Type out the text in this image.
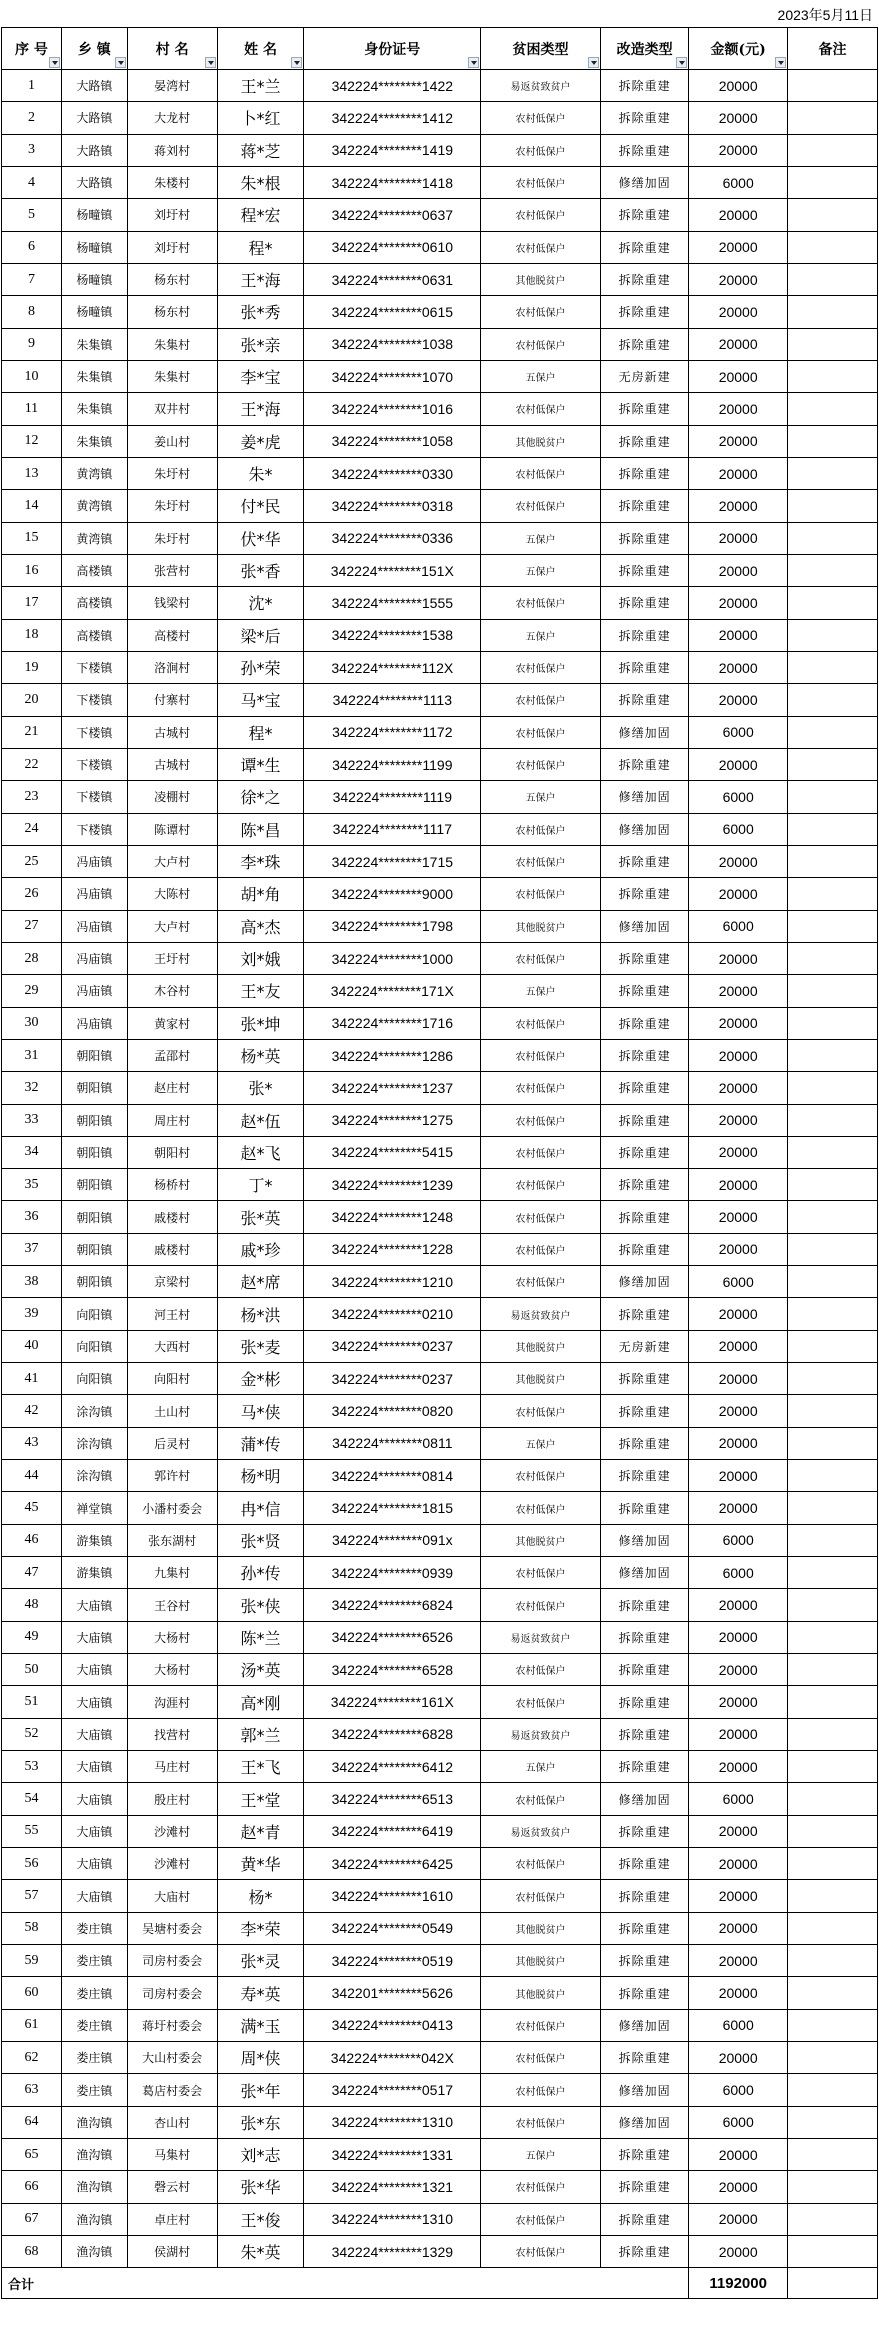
2023年5月11日
序 号	乡 镇	村 名	姓 名	身份证号	贫困类型	改造类型	金额(元)	备注
1	大路镇	晏湾村	王*兰	342224********1422	易返贫致贫户	拆除重建	20000	
2	大路镇	大龙村	卜*红	342224********1412	农村低保户	拆除重建	20000	
3	大路镇	蒋刘村	蒋*芝	342224********1419	农村低保户	拆除重建	20000	
4	大路镇	朱楼村	朱*根	342224********1418	农村低保户	修缮加固	6000	
5	杨疃镇	刘圩村	程*宏	342224********0637	农村低保户	拆除重建	20000	
6	杨疃镇	刘圩村	程*	342224********0610	农村低保户	拆除重建	20000	
7	杨疃镇	杨东村	王*海	342224********0631	其他脱贫户	拆除重建	20000	
8	杨疃镇	杨东村	张*秀	342224********0615	农村低保户	拆除重建	20000	
9	朱集镇	朱集村	张*亲	342224********1038	农村低保户	拆除重建	20000	
10	朱集镇	朱集村	李*宝	342224********1070	五保户	无房新建	20000	
11	朱集镇	双井村	王*海	342224********1016	农村低保户	拆除重建	20000	
12	朱集镇	姜山村	姜*虎	342224********1058	其他脱贫户	拆除重建	20000	
13	黄湾镇	朱圩村	朱*	342224********0330	农村低保户	拆除重建	20000	
14	黄湾镇	朱圩村	付*民	342224********0318	农村低保户	拆除重建	20000	
15	黄湾镇	朱圩村	伏*华	342224********0336	五保户	拆除重建	20000	
16	高楼镇	张营村	张*香	342224********151X	五保户	拆除重建	20000	
17	高楼镇	钱梁村	沈*	342224********1555	农村低保户	拆除重建	20000	
18	高楼镇	高楼村	梁*后	342224********1538	五保户	拆除重建	20000	
19	下楼镇	洛涧村	孙*荣	342224********112X	农村低保户	拆除重建	20000	
20	下楼镇	付寨村	马*宝	342224********1113	农村低保户	拆除重建	20000	
21	下楼镇	古城村	程*	342224********1172	农村低保户	修缮加固	6000	
22	下楼镇	古城村	谭*生	342224********1199	农村低保户	拆除重建	20000	
23	下楼镇	凌棚村	徐*之	342224********1119	五保户	修缮加固	6000	
24	下楼镇	陈谭村	陈*昌	342224********1117	农村低保户	修缮加固	6000	
25	冯庙镇	大卢村	李*珠	342224********1715	农村低保户	拆除重建	20000	
26	冯庙镇	大陈村	胡*角	342224********9000	农村低保户	拆除重建	20000	
27	冯庙镇	大卢村	高*杰	342224********1798	其他脱贫户	修缮加固	6000	
28	冯庙镇	王圩村	刘*娥	342224********1000	农村低保户	拆除重建	20000	
29	冯庙镇	木谷村	王*友	342224********171X	五保户	拆除重建	20000	
30	冯庙镇	黄家村	张*坤	342224********1716	农村低保户	拆除重建	20000	
31	朝阳镇	孟邵村	杨*英	342224********1286	农村低保户	拆除重建	20000	
32	朝阳镇	赵庄村	张*	342224********1237	农村低保户	拆除重建	20000	
33	朝阳镇	周庄村	赵*伍	342224********1275	农村低保户	拆除重建	20000	
34	朝阳镇	朝阳村	赵*飞	342224********5415	农村低保户	拆除重建	20000	
35	朝阳镇	杨桥村	丁*	342224********1239	农村低保户	拆除重建	20000	
36	朝阳镇	戚楼村	张*英	342224********1248	农村低保户	拆除重建	20000	
37	朝阳镇	戚楼村	戚*珍	342224********1228	农村低保户	拆除重建	20000	
38	朝阳镇	京梁村	赵*席	342224********1210	农村低保户	修缮加固	6000	
39	向阳镇	河王村	杨*洪	342224********0210	易返贫致贫户	拆除重建	20000	
40	向阳镇	大西村	张*麦	342224********0237	其他脱贫户	无房新建	20000	
41	向阳镇	向阳村	金*彬	342224********0237	其他脱贫户	拆除重建	20000	
42	涂沟镇	土山村	马*侠	342224********0820	农村低保户	拆除重建	20000	
43	涂沟镇	后灵村	蒲*传	342224********0811	五保户	拆除重建	20000	
44	涂沟镇	郭许村	杨*明	342224********0814	农村低保户	拆除重建	20000	
45	禅堂镇	小潘村委会	冉*信	342224********1815	农村低保户	拆除重建	20000	
46	游集镇	张东湖村	张*贤	342224********091x	其他脱贫户	修缮加固	6000	
47	游集镇	九集村	孙*传	342224********0939	农村低保户	修缮加固	6000	
48	大庙镇	王谷村	张*侠	342224********6824	农村低保户	拆除重建	20000	
49	大庙镇	大杨村	陈*兰	342224********6526	易返贫致贫户	拆除重建	20000	
50	大庙镇	大杨村	汤*英	342224********6528	农村低保户	拆除重建	20000	
51	大庙镇	沟涯村	高*刚	342224********161X	农村低保户	拆除重建	20000	
52	大庙镇	找营村	郭*兰	342224********6828	易返贫致贫户	拆除重建	20000	
53	大庙镇	马庄村	王*飞	342224********6412	五保户	拆除重建	20000	
54	大庙镇	殷庄村	王*堂	342224********6513	农村低保户	修缮加固	6000	
55	大庙镇	沙滩村	赵*青	342224********6419	易返贫致贫户	拆除重建	20000	
56	大庙镇	沙滩村	黄*华	342224********6425	农村低保户	拆除重建	20000	
57	大庙镇	大庙村	杨*	342224********1610	农村低保户	拆除重建	20000	
58	娄庄镇	吴塘村委会	李*荣	342224********0549	其他脱贫户	拆除重建	20000	
59	娄庄镇	司房村委会	张*灵	342224********0519	其他脱贫户	拆除重建	20000	
60	娄庄镇	司房村委会	寿*英	342201********5626	其他脱贫户	拆除重建	20000	
61	娄庄镇	蒋圩村委会	满*玉	342224********0413	农村低保户	修缮加固	6000	
62	娄庄镇	大山村委会	周*侠	342224********042X	农村低保户	拆除重建	20000	
63	娄庄镇	葛店村委会	张*年	342224********0517	农村低保户	修缮加固	6000	
64	渔沟镇	杏山村	张*东	342224********1310	农村低保户	修缮加固	6000	
65	渔沟镇	马集村	刘*志	342224********1331	五保户	拆除重建	20000	
66	渔沟镇	磬云村	张*华	342224********1321	农村低保户	拆除重建	20000	
67	渔沟镇	卓庄村	王*俊	342224********1310	农村低保户	拆除重建	20000	
68	渔沟镇	侯湖村	朱*英	342224********1329	农村低保户	拆除重建	20000	
合计							1192000	
